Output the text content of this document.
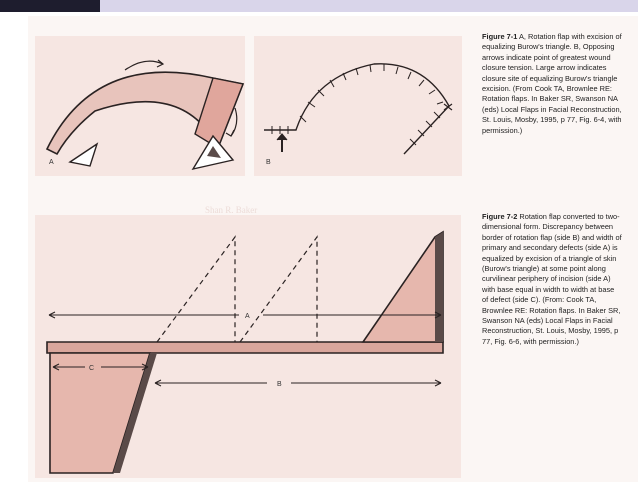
Shan R. Baker
A	B
Figure 7-1 A, Rotation flap with excision of equalizing Burow's triangle. B, Opposing arrows indicate point of greatest wound closure tension. Large arrow indicates closure site of equalizing Burow's triangle excision. (From Cook TA, Brownlee RE: Rotation flaps. In Baker SR, Swanson NA (eds) Local Flaps in Facial Reconstruction, St. Louis, Mosby, 1995, p 77, Fig. 6-4, with permission.)
A
B
C
Figure 7-2 Rotation flap converted to two-dimensional form. Discrepancy between border of rotation flap (side B) and width of primary and secondary defects (side A) is equalized by excision of a triangle of skin (Burow's triangle) at some point along curvilinear periphery of incision (side A) with base equal in width to width at base of defect (side C). (From: Cook TA, Brownlee RE: Rotation flaps. In Baker SR, Swanson NA (eds) Local Flaps in Facial Reconstruction, St. Louis, Mosby, 1995, p 77, Fig. 6-6, with permission.)
